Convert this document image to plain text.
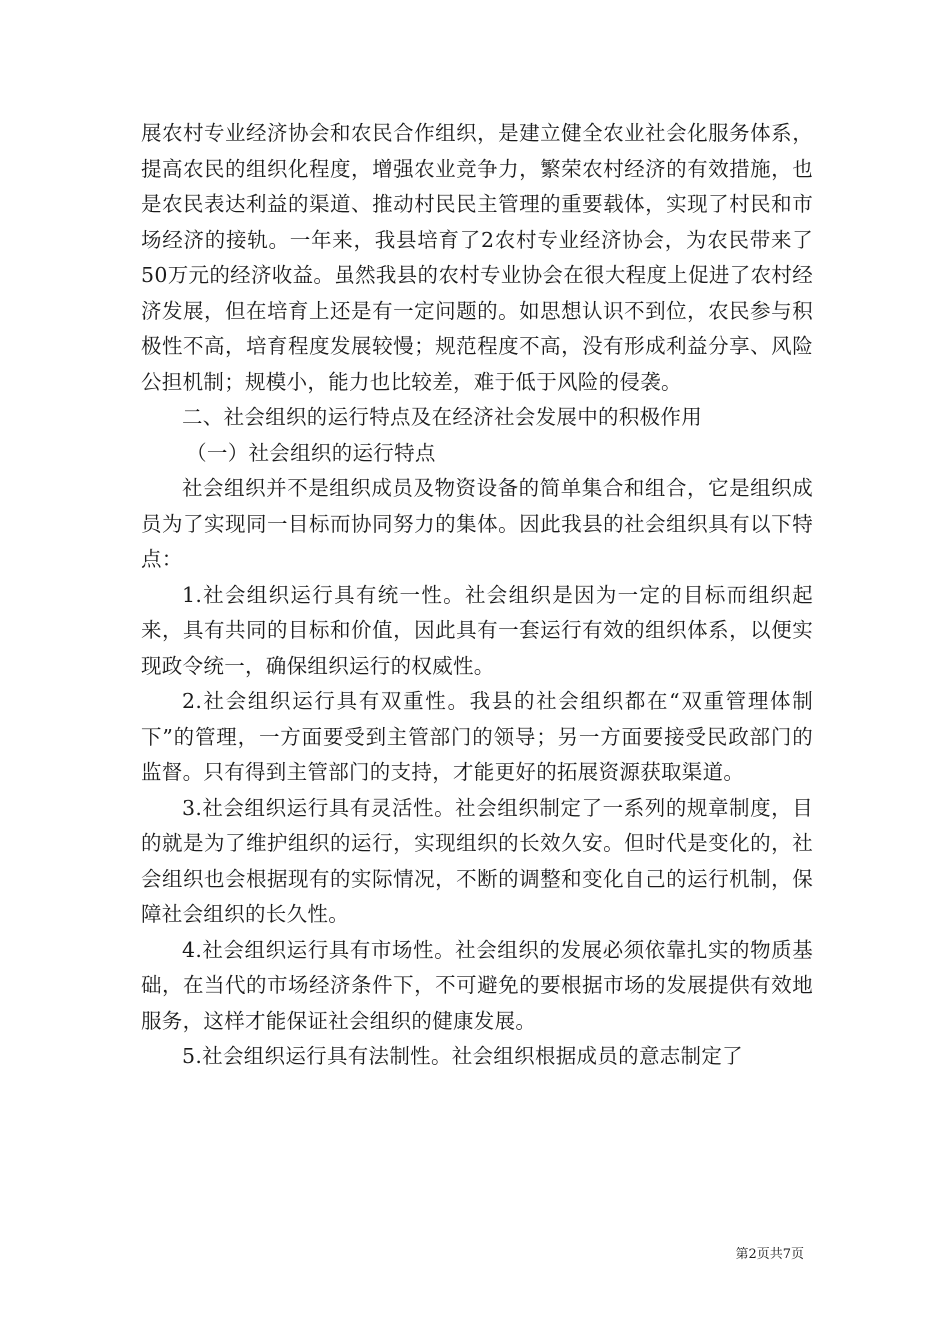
展农村专业经济协会和农民合作组织，是建立健全农业社会化服务体系，提高农民的组织化程度，增强农业竞争力，繁荣农村经济的有效措施，也是农民表达利益的渠道、推动村民民主管理的重要载体，实现了村民和市场经济的接轨。一年来，我县培育了2农村专业经济协会，为农民带来了50万元的经济收益。虽然我县的农村专业协会在很大程度上促进了农村经济发展，但在培育上还是有一定问题的。如思想认识不到位，农民参与积极性不高，培育程度发展较慢；规范程度不高，没有形成利益分享、风险公担机制；规模小，能力也比较差，难于低于风险的侵袭。

二、社会组织的运行特点及在经济社会发展中的积极作用

（一）社会组织的运行特点

社会组织并不是组织成员及物资设备的简单集合和组合，它是组织成员为了实现同一目标而协同努力的集体。因此我县的社会组织具有以下特点：

1.社会组织运行具有统一性。社会组织是因为一定的目标而组织起来，具有共同的目标和价值，因此具有一套运行有效的组织体系，以便实现政令统一，确保组织运行的权威性。

2.社会组织运行具有双重性。我县的社会组织都在“双重管理体制下”的管理，一方面要受到主管部门的领导；另一方面要接受民政部门的监督。只有得到主管部门的支持，才能更好的拓展资源获取渠道。

3.社会组织运行具有灵活性。社会组织制定了一系列的规章制度，目的就是为了维护组织的运行，实现组织的长效久安。但时代是变化的，社会组织也会根据现有的实际情况，不断的调整和变化自己的运行机制，保障社会组织的长久性。

4.社会组织运行具有市场性。社会组织的发展必须依靠扎实的物质基础，在当代的市场经济条件下，不可避免的要根据市场的发展提供有效地服务，这样才能保证社会组织的健康发展。

5.社会组织运行具有法制性。社会组织根据成员的意志制定了

第2页共7页
